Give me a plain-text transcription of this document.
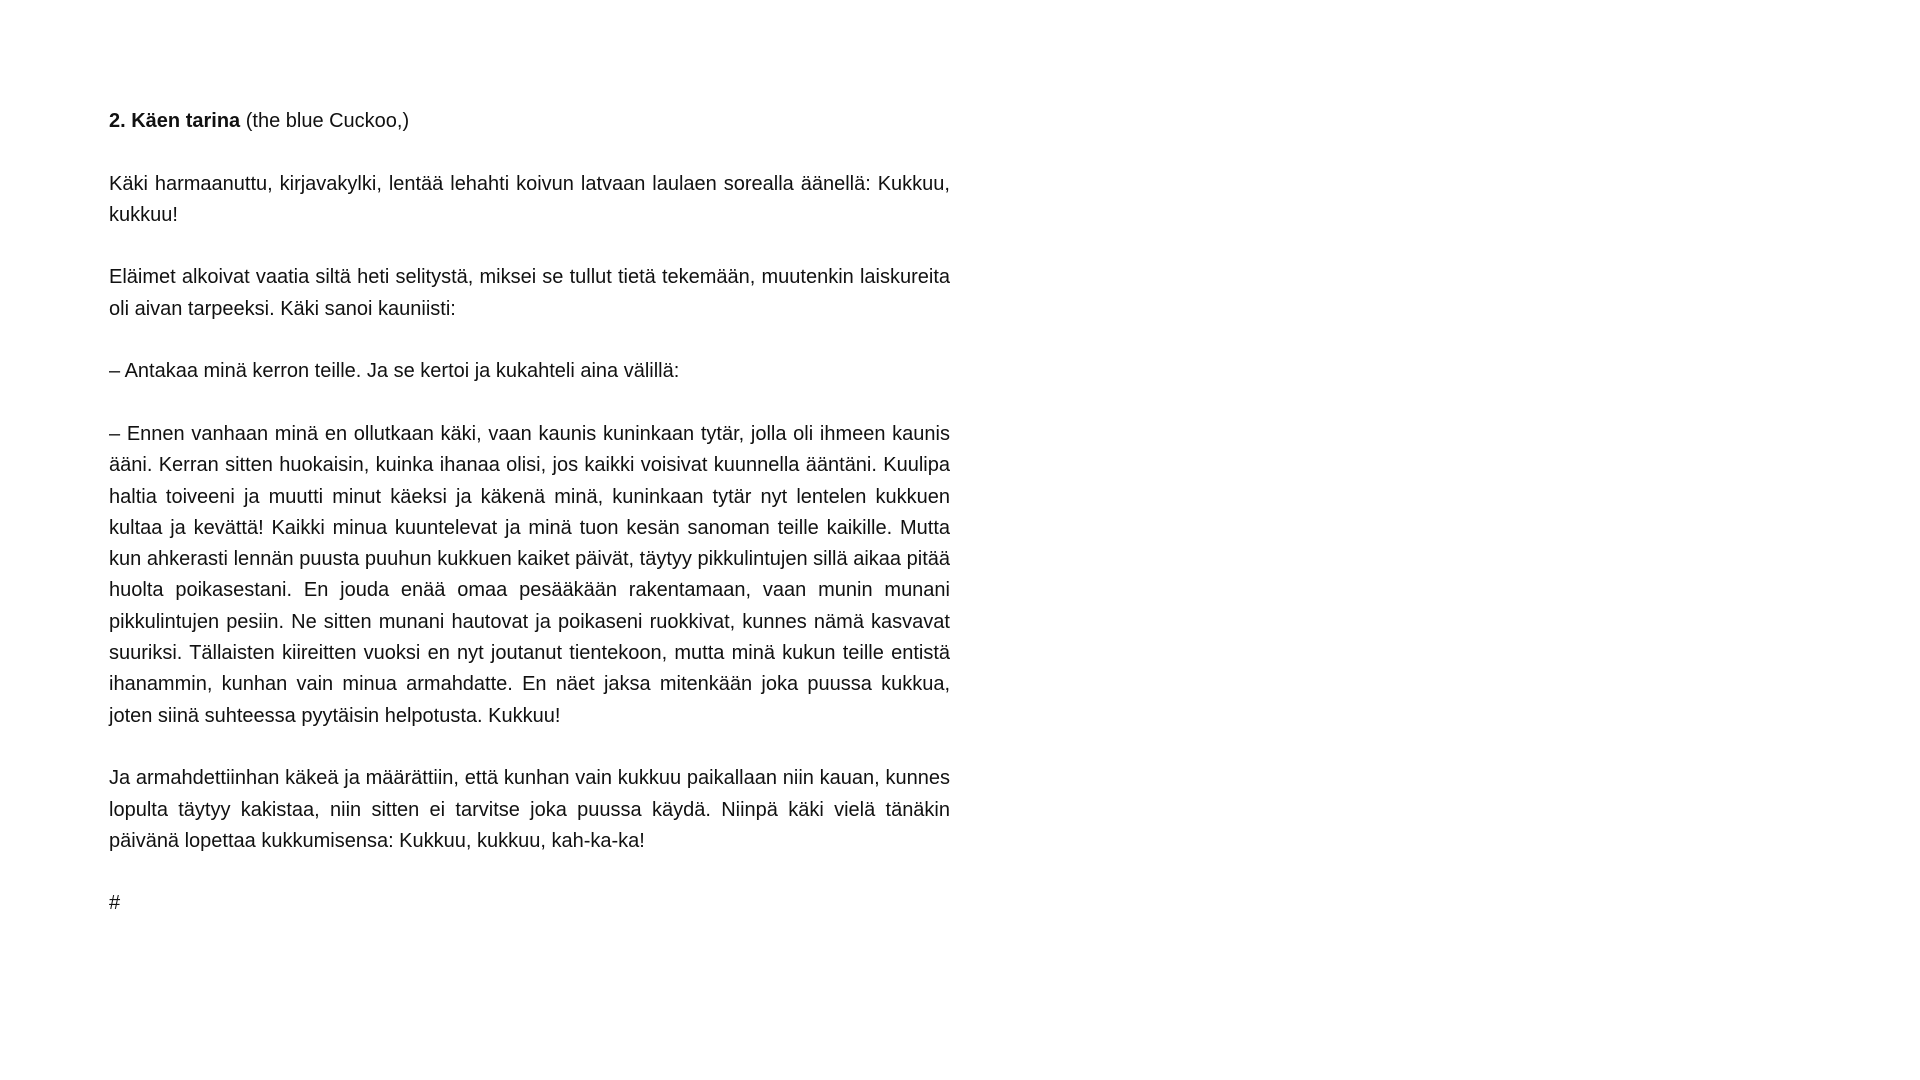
2. Käen tarina (the blue Cuckoo,)

Käki harmaanuttu, kirjavakylki, lentää lehahti koivun latvaan laulaen sorealla äänellä: Kukkuu, kukkuu!

Eläimet alkoivat vaatia siltä heti selitystä, miksei se tullut tietä tekemään, muutenkin laiskureita oli aivan tarpeeksi. Käki sanoi kauniisti:

– Antakaa minä kerron teille. Ja se kertoi ja kukahteli aina välillä:

– Ennen vanhaan minä en ollutkaan käki, vaan kaunis kuninkaan tytär, jolla oli ihmeen kaunis ääni. Kerran sitten huokaisin, kuinka ihanaa olisi, jos kaikki voisivat kuunnella ääntäni. Kuulipa haltia toiveeni ja muutti minut käeksi ja käkenä minä, kuninkaan tytär nyt lentelen kukkuen kultaa ja kevättä! Kaikki minua kuuntelevat ja minä tuon kesän sanoman teille kaikille. Mutta kun ahkerasti lennän puusta puuhun kukkuen kaiket päivät, täytyy pikkulintujen sillä aikaa pitää huolta poikasestani. En jouda enää omaa pesääkään rakentamaan, vaan munin munani pikkulintujen pesiin. Ne sitten munani hautovat ja poikaseni ruokkivat, kunnes nämä kasvavat suuriksi. Tällaisten kiireitten vuoksi en nyt joutanut tientekoon, mutta minä kukun teille entistä ihanammin, kunhan vain minua armahdatte. En näet jaksa mitenkään joka puussa kukkua, joten siinä suhteessa pyytäisin helpotusta. Kukkuu!

Ja armahdettiinhan käkeä ja määrättiin, että kunhan vain kukkuu paikallaan niin kauan, kunnes lopulta täytyy kakistaa, niin sitten ei tarvitse joka puussa käydä. Niinpä käki vielä tänäkin päivänä lopettaa kukkumisensa: Kukkuu, kukkuu, kah-ka-ka!

#
